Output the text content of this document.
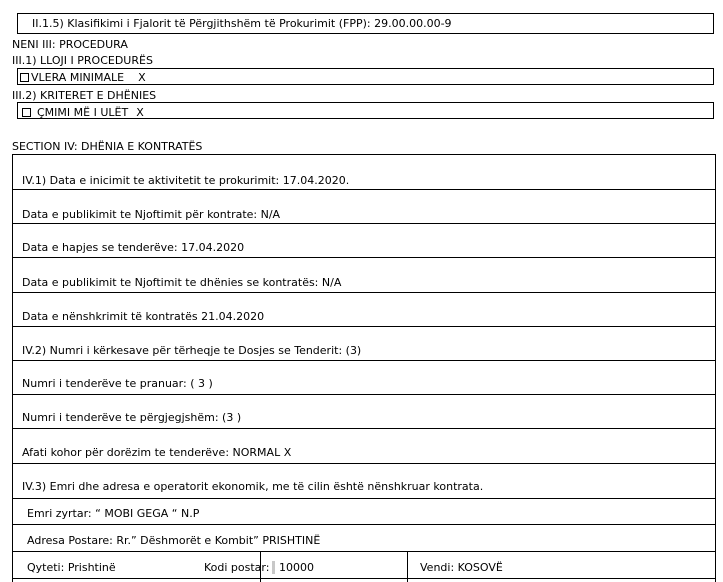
II.1.5) Klasifikimi i Fjalorit të Përgjithshëm të Prokurimit (FPP): 29.00.00.00-9
NENI III: PROCEDURA
III.1) LLOJI I PROCEDURËS
VLERA MINIMALE X
III.2) KRITERET E DHËNIES
ÇMIMI MË I ULËT X
SECTION IV: DHËNIA E KONTRATËS
IV.1) Data e inicimit te aktivitetit te prokurimit: 17.04.2020.
Data e publikimit te Njoftimit për kontrate: N/A
Data e hapjes se tenderëve: 17.04.2020
Data e publikimit te Njoftimit te dhënies se kontratës: N/A
Data e nënshkrimit të kontratës 21.04.2020
IV.2) Numri i kërkesave për tërheqje te Dosjes se Tenderit: (3)
Numri i tenderëve te pranuar: ( 3 )
Numri i tenderëve te përgjegjshëm: (3 )
Afati kohor për dorëzim te tenderëve: NORMAL X
IV.3) Emri dhe adresa e operatorit ekonomik, me të cilin është nënshkruar kontrata.
Emri zyrtar: “ MOBI GEGA “ N.P
Adresa Postare: Rr.” Dëshmorët e Kombit” PRISHTINË
Qyteti: Prishtinë	Kodi postar: 10000	Vendi: KOSOVË
